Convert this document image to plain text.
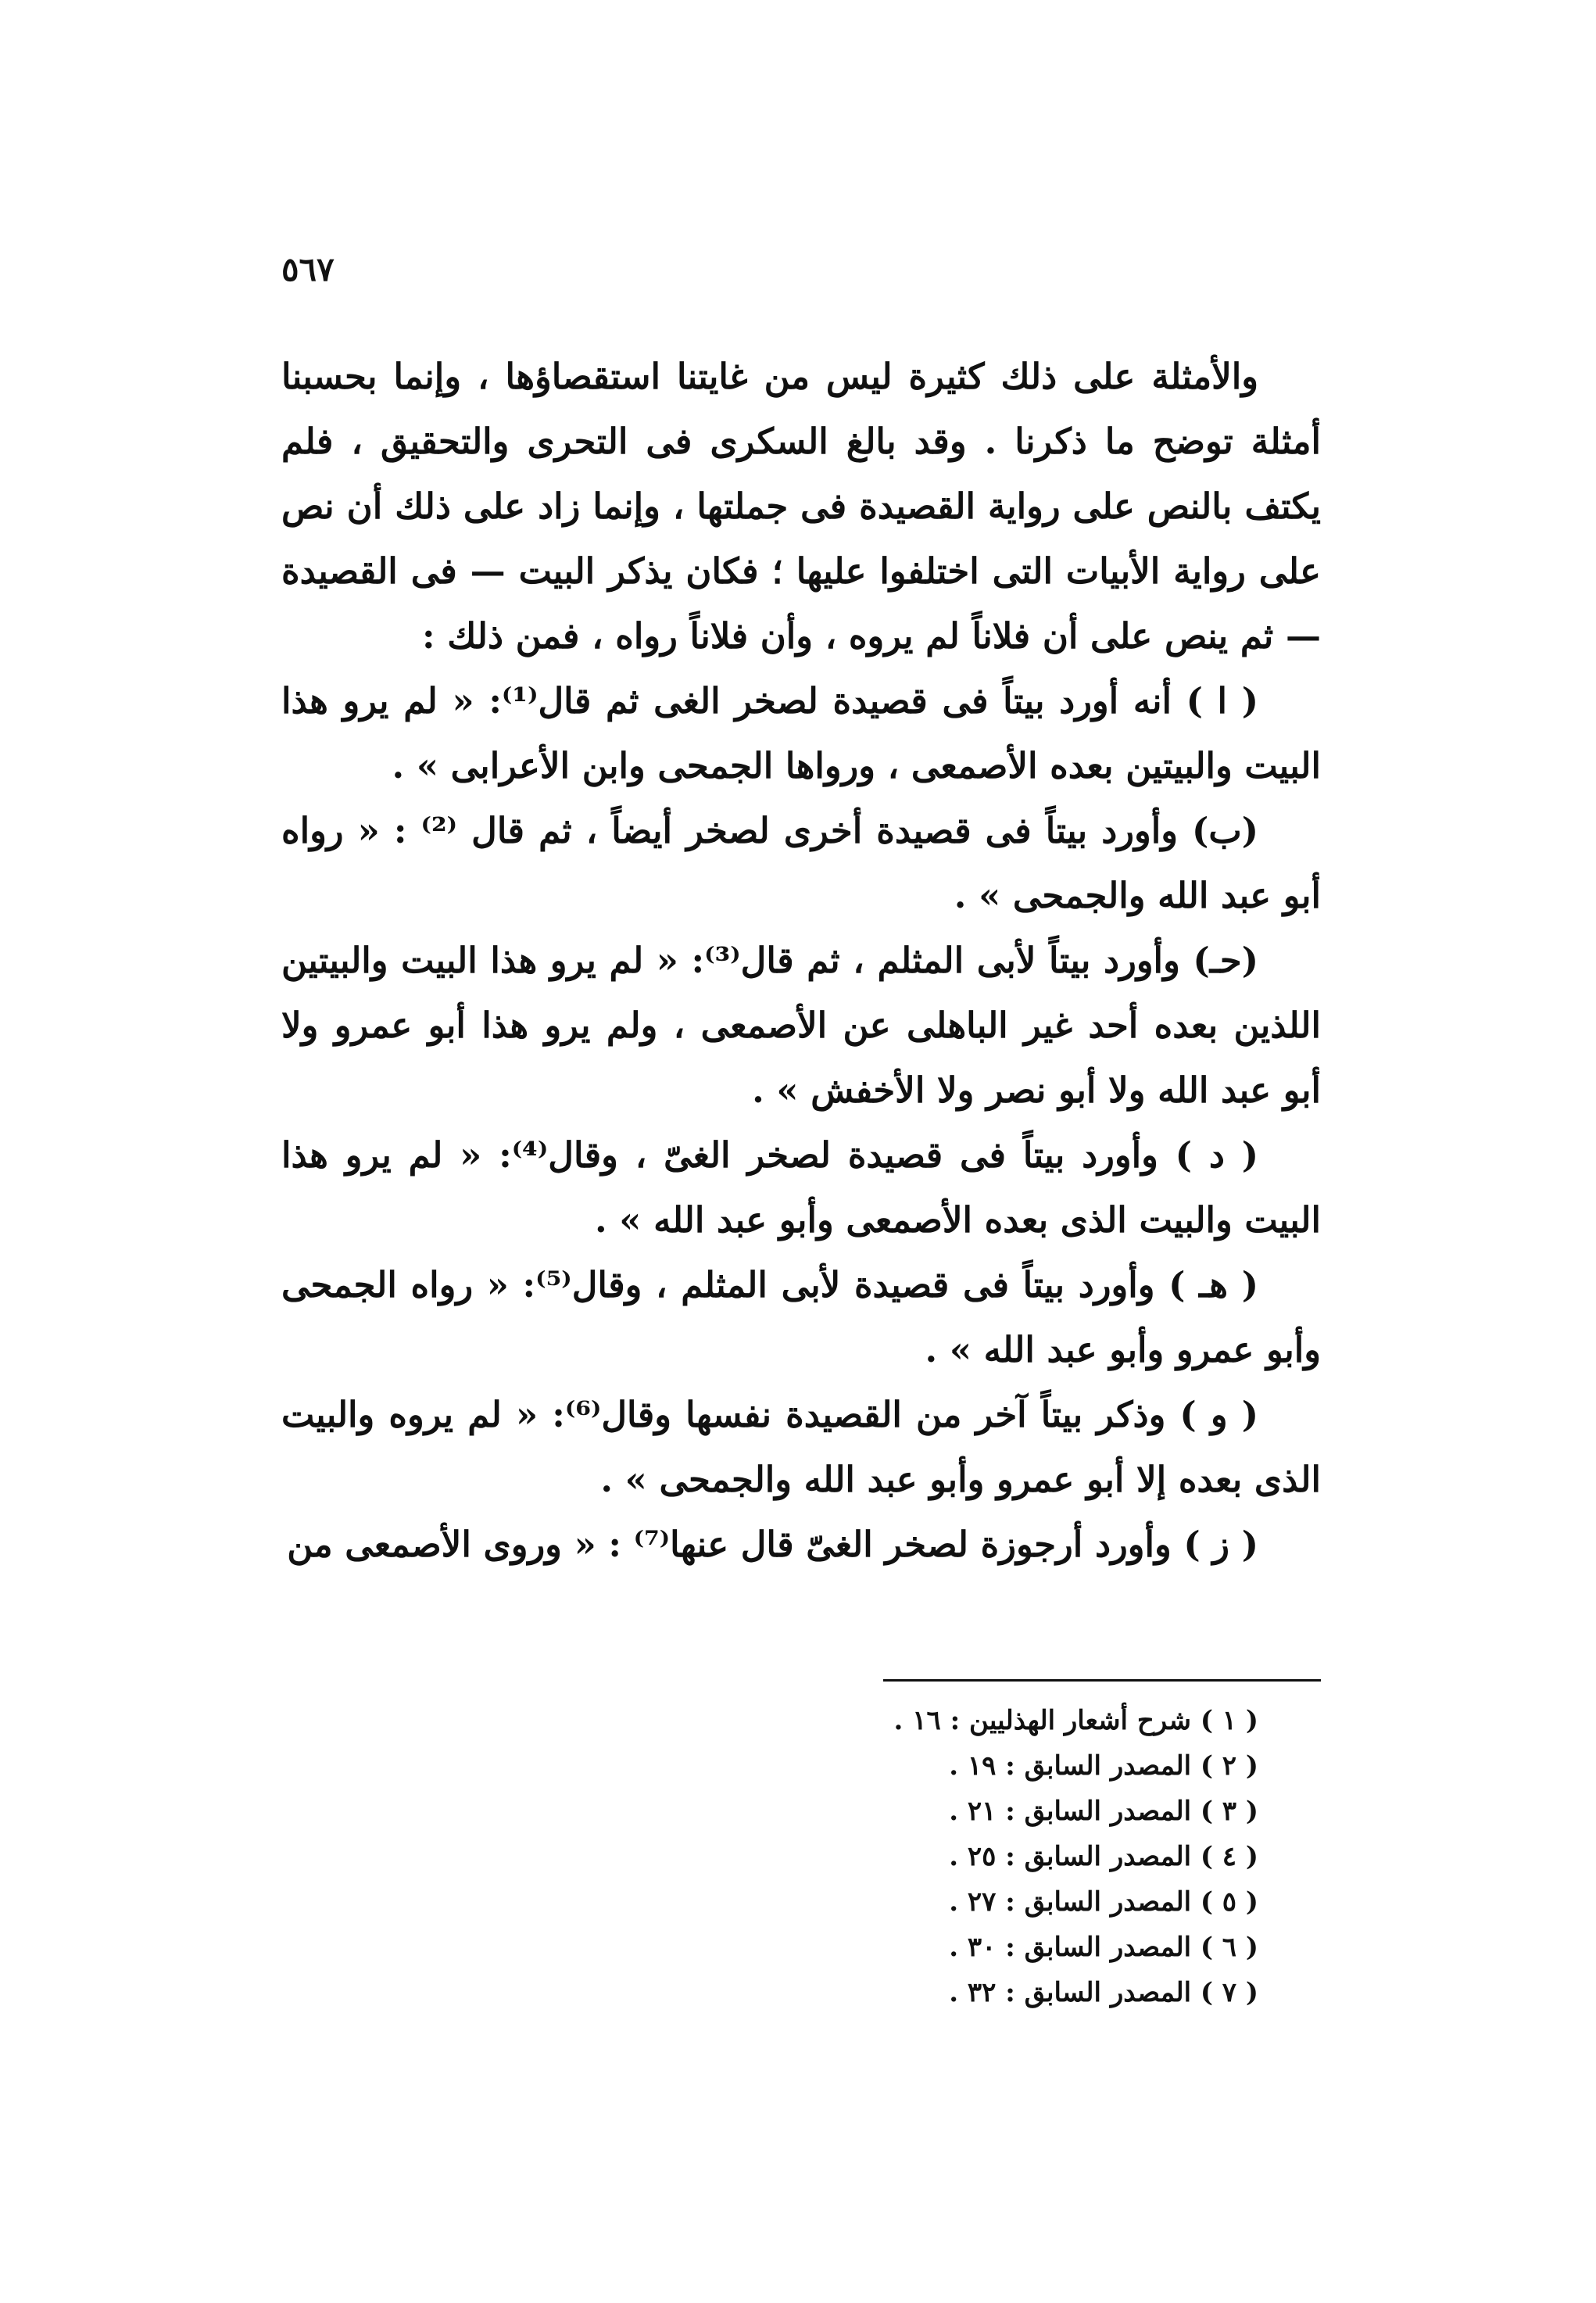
٥٦٧

والأمثلة على ذلك كثيرة ليس من غايتنا استقصاؤها ، وإنما بحسبنا أمثلة توضح ما ذكرنا . وقد بالغ السكرى فى التحرى والتحقيق ، فلم يكتف بالنص على رواية القصيدة فى جملتها ، وإنما زاد على ذلك أن نص على رواية الأبيات التى اختلفوا عليها ؛ فكان يذكر البيت — فى القصيدة — ثم ينص على أن فلاناً لم يروه ، وأن فلاناً رواه ، فمن ذلك :

( ا ) أنه أورد بيتاً فى قصيدة لصخر الغى ثم قال⁽¹⁾: « لم يرو هذا البيت والبيتين بعده الأصمعى ، ورواها الجمحى وابن الأعرابى » .

(ب) وأورد بيتاً فى قصيدة أخرى لصخر أيضاً ، ثم قال ⁽²⁾ : « رواه أبو عبد الله والجمحى » .

(حـ) وأورد بيتاً لأبى المثلم ، ثم قال⁽³⁾: « لم يرو هذا البيت والبيتين اللذين بعده أحد غير الباهلى عن الأصمعى ، ولم يرو هذا أبو عمرو ولا أبو عبد الله ولا أبو نصر ولا الأخفش » .

( د ) وأورد بيتاً فى قصيدة لصخر الغىّ ، وقال⁽⁴⁾: « لم يرو هذا البيت والبيت الذى بعده الأصمعى وأبو عبد الله » .

( هـ ) وأورد بيتاً فى قصيدة لأبى المثلم ، وقال⁽⁵⁾: « رواه الجمحى وأبو عمرو وأبو عبد الله » .

( و ) وذكر بيتاً آخر من القصيدة نفسها وقال⁽⁶⁾: « لم يروه والبيت الذى بعده إلا أبو عمرو وأبو عبد الله والجمحى » .

( ز ) وأورد أرجوزة لصخر الغىّ قال عنها⁽⁷⁾ : « وروى الأصمعى من

( ١ ) شرح أشعار الهذليين : ١٦ .
( ٢ ) المصدر السابق : ١٩ .
( ٣ ) المصدر السابق : ٢١ .
( ٤ ) المصدر السابق : ٢٥ .
( ٥ ) المصدر السابق : ٢٧ .
( ٦ ) المصدر السابق : ٣٠ .
( ٧ ) المصدر السابق : ٣٢ .
